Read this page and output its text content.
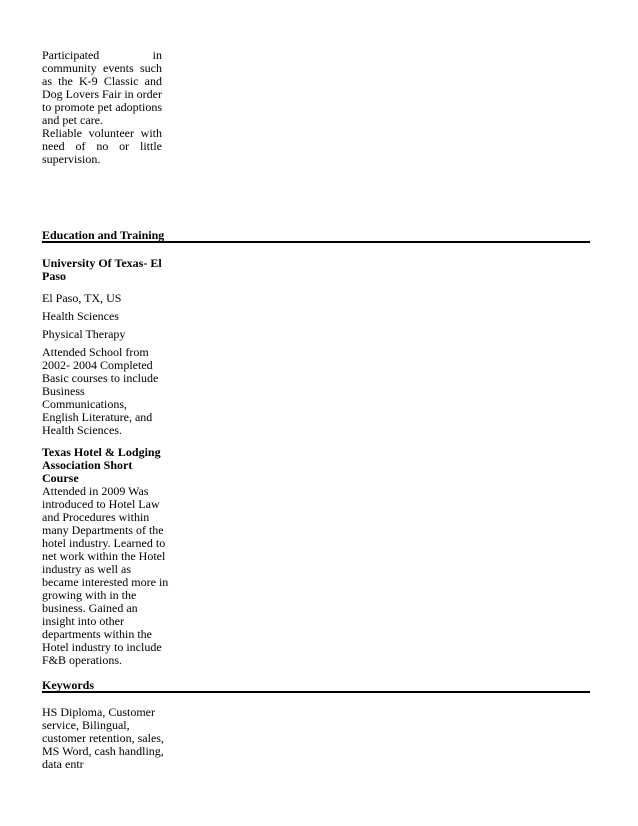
Participated in community events such as the K-9 Classic and Dog Lovers Fair in order to promote pet adoptions and pet care.

Reliable volunteer with need of no or little supervision.

Education and Training
University Of Texas- El Paso
El Paso, TX, US
Health Sciences
Physical Therapy
Attended School from 2002- 2004 Completed Basic courses to include Business Communications, English Literature, and Health Sciences.
Texas Hotel & Lodging Association Short Course
Attended in 2009 Was introduced to Hotel Law and Procedures within many Departments of the hotel industry. Learned to net work within the Hotel industry as well as became interested more in growing with in the business. Gained an insight into other departments within the Hotel industry to include F&B operations.
Keywords
HS Diploma, Customer service, Bilingual, customer retention, sales, MS Word, cash handling, data entr
